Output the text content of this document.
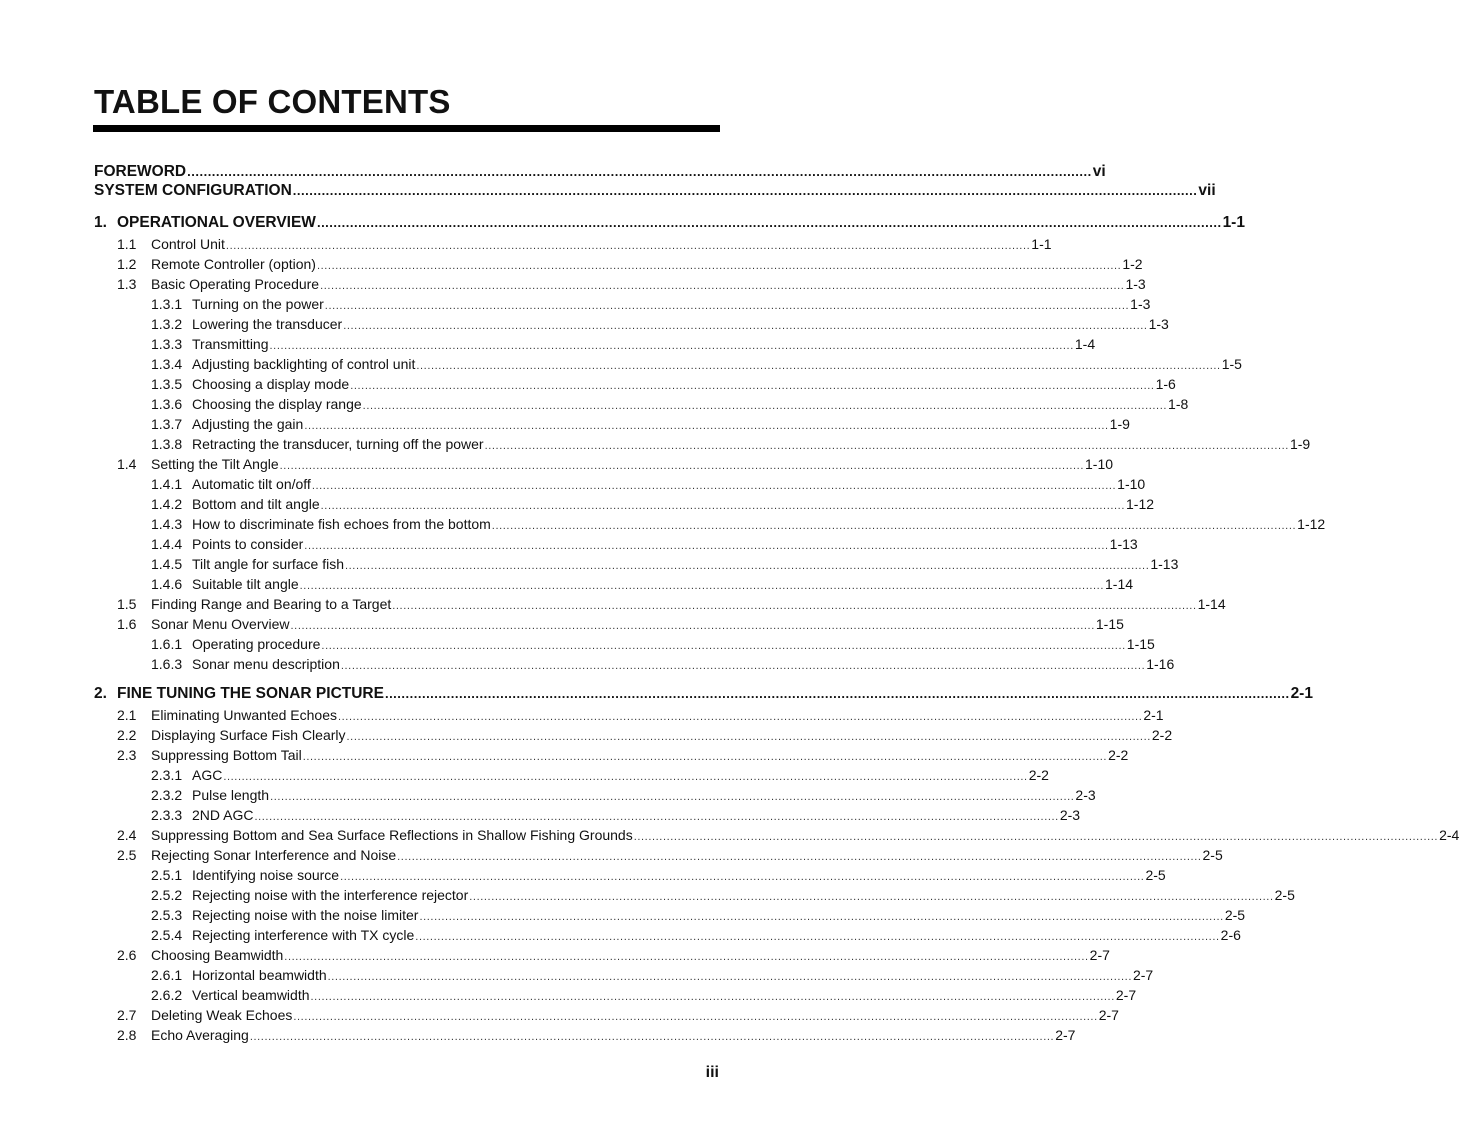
TABLE OF CONTENTS
FOREWORD ............................................................................................................................................................................................................................ vi
SYSTEM CONFIGURATION ............................................................................................................................................................................................................................ vii
1. OPERATIONAL OVERVIEW ............................................................................................................................................................................................................................ 1-1
1.1	Control Unit ............................................................................................................................................................................................................................ 1-1
1.2	Remote Controller (option) ............................................................................................................................................................................................................................ 1-2
1.3	Basic Operating Procedure ............................................................................................................................................................................................................................ 1-3
1.3.1 Turning on the power ............................................................................................................................................................................................................................ 1-3
1.3.2 Lowering the transducer ............................................................................................................................................................................................................................ 1-3
1.3.3 Transmitting ............................................................................................................................................................................................................................ 1-4
1.3.4 Adjusting backlighting of control unit ............................................................................................................................................................................................................................ 1-5
1.3.5 Choosing a display mode ............................................................................................................................................................................................................................ 1-6
1.3.6 Choosing the display range ............................................................................................................................................................................................................................ 1-8
1.3.7 Adjusting the gain ............................................................................................................................................................................................................................ 1-9
1.3.8 Retracting the transducer, turning off the power ............................................................................................................................................................................................................................ 1-9
1.4	Setting the Tilt Angle ............................................................................................................................................................................................................................ 1-10
1.4.1 Automatic tilt on/off ............................................................................................................................................................................................................................ 1-10
1.4.2 Bottom and tilt angle ............................................................................................................................................................................................................................ 1-12
1.4.3 How to discriminate fish echoes from the bottom ............................................................................................................................................................................................................................ 1-12
1.4.4 Points to consider ............................................................................................................................................................................................................................ 1-13
1.4.5 Tilt angle for surface fish ............................................................................................................................................................................................................................ 1-13
1.4.6 Suitable tilt angle ............................................................................................................................................................................................................................ 1-14
1.5	Finding Range and Bearing to a Target ............................................................................................................................................................................................................................ 1-14
1.6	Sonar Menu Overview ............................................................................................................................................................................................................................ 1-15
1.6.1 Operating procedure ............................................................................................................................................................................................................................ 1-15
1.6.3 Sonar menu description ............................................................................................................................................................................................................................ 1-16
2. FINE TUNING THE SONAR PICTURE ............................................................................................................................................................................................................................ 2-1
2.1	Eliminating Unwanted Echoes ............................................................................................................................................................................................................................ 2-1
2.2	Displaying Surface Fish Clearly ............................................................................................................................................................................................................................ 2-2
2.3	Suppressing Bottom Tail ............................................................................................................................................................................................................................ 2-2
2.3.1 AGC ............................................................................................................................................................................................................................ 2-2
2.3.2 Pulse length ............................................................................................................................................................................................................................ 2-3
2.3.3 2ND AGC ............................................................................................................................................................................................................................ 2-3
2.4	Suppressing Bottom and Sea Surface Reflections in Shallow Fishing Grounds ............................................................................................................................................................................................................................ 2-4
2.5	Rejecting Sonar Interference and Noise ............................................................................................................................................................................................................................ 2-5
2.5.1 Identifying noise source ............................................................................................................................................................................................................................ 2-5
2.5.2 Rejecting noise with the interference rejector ............................................................................................................................................................................................................................ 2-5
2.5.3 Rejecting noise with the noise limiter ............................................................................................................................................................................................................................ 2-5
2.5.4 Rejecting interference with TX cycle ............................................................................................................................................................................................................................ 2-6
2.6	Choosing Beamwidth ............................................................................................................................................................................................................................ 2-7
2.6.1 Horizontal beamwidth ............................................................................................................................................................................................................................ 2-7
2.6.2 Vertical beamwidth ............................................................................................................................................................................................................................ 2-7
2.7	Deleting Weak Echoes ............................................................................................................................................................................................................................ 2-7
2.8	Echo Averaging ............................................................................................................................................................................................................................ 2-7
iii
